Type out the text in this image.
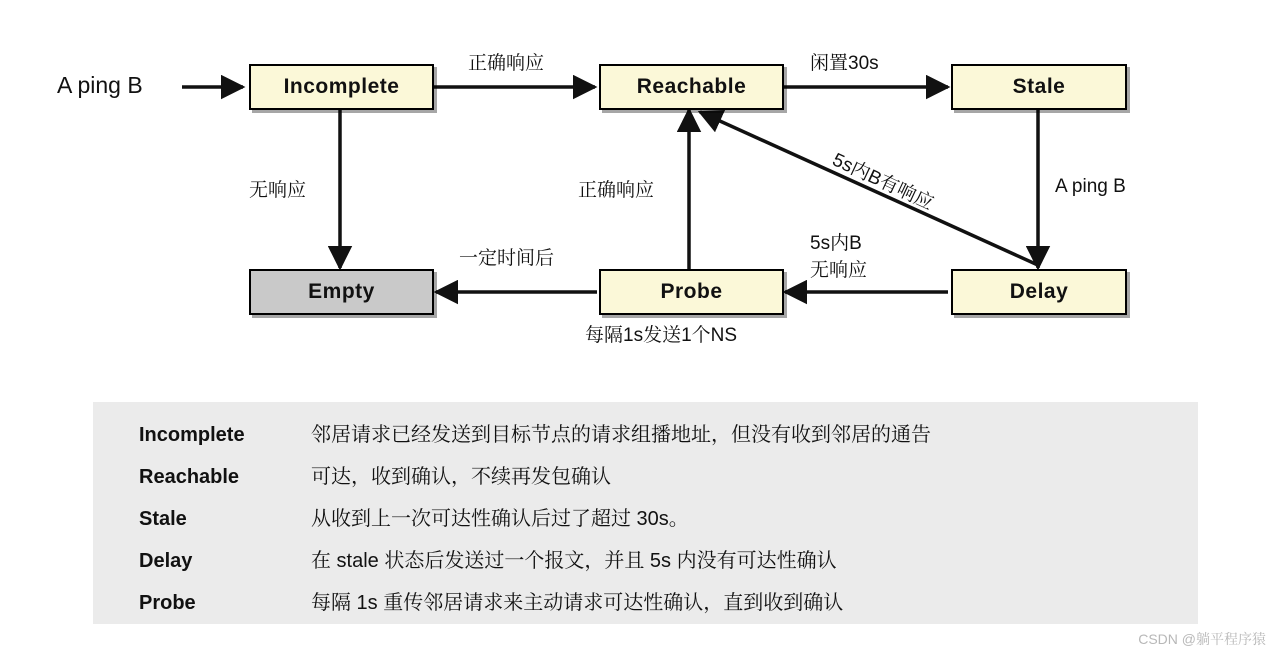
A ping B	Incomplete	Reachable	Stale
Empty	Probe	Delay
正确响应	闲置30s
无响应	A ping B
正确响应	5s内B有响应
5s内B
无响应
一定时间后
每隔1s发送1个NS
Incomplete	邻居请求已经发送到目标节点的请求组播地址，但没有收到邻居的通告
Reachable	可达，收到确认，不续再发包确认
Stale	从收到上一次可达性确认后过了超过 30s。
Delay	在 stale 状态后发送过一个报文，并且 5s 内没有可达性确认
Probe	每隔 1s 重传邻居请求来主动请求可达性确认，直到收到确认
CSDN @躺平程序猿
